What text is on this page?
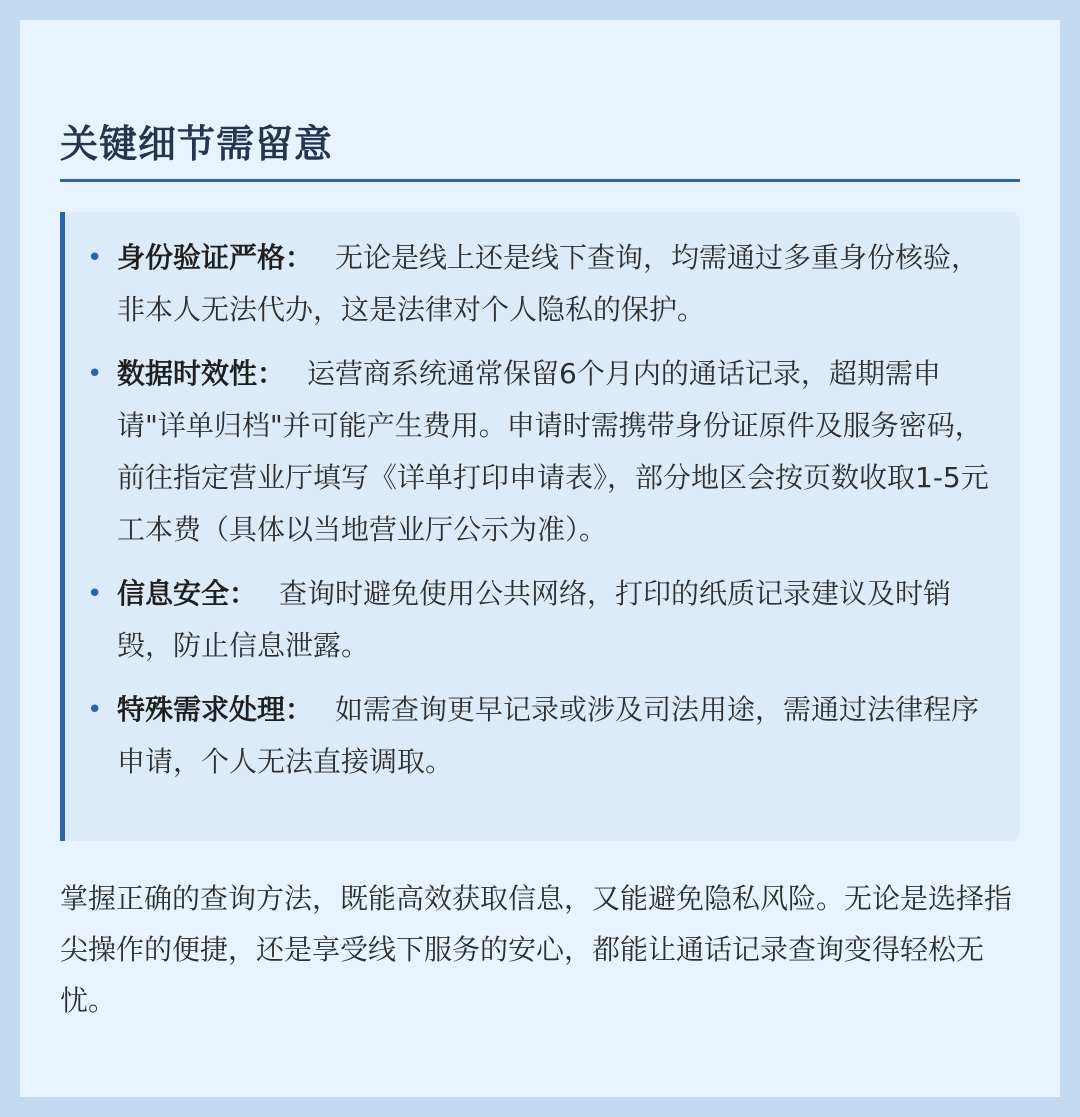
关键细节需留意
• 身份验证严格： 无论是线上还是线下查询，均需通过多重身份核验，非本人无法代办，这是法律对个人隐私的保护。
• 数据时效性： 运营商系统通常保留6个月内的通话记录，超期需申请"详单归档"并可能产生费用。申请时需携带身份证原件及服务密码，前往指定营业厅填写《详单打印申请表》，部分地区会按页数收取1-5元工本费（具体以当地营业厅公示为准）。
• 信息安全： 查询时避免使用公共网络，打印的纸质记录建议及时销毁，防止信息泄露。
• 特殊需求处理： 如需查询更早记录或涉及司法用途，需通过法律程序申请，个人无法直接调取。

掌握正确的查询方法，既能高效获取信息，又能避免隐私风险。无论是选择指尖操作的便捷，还是享受线下服务的安心，都能让通话记录查询变得轻松无忧。
